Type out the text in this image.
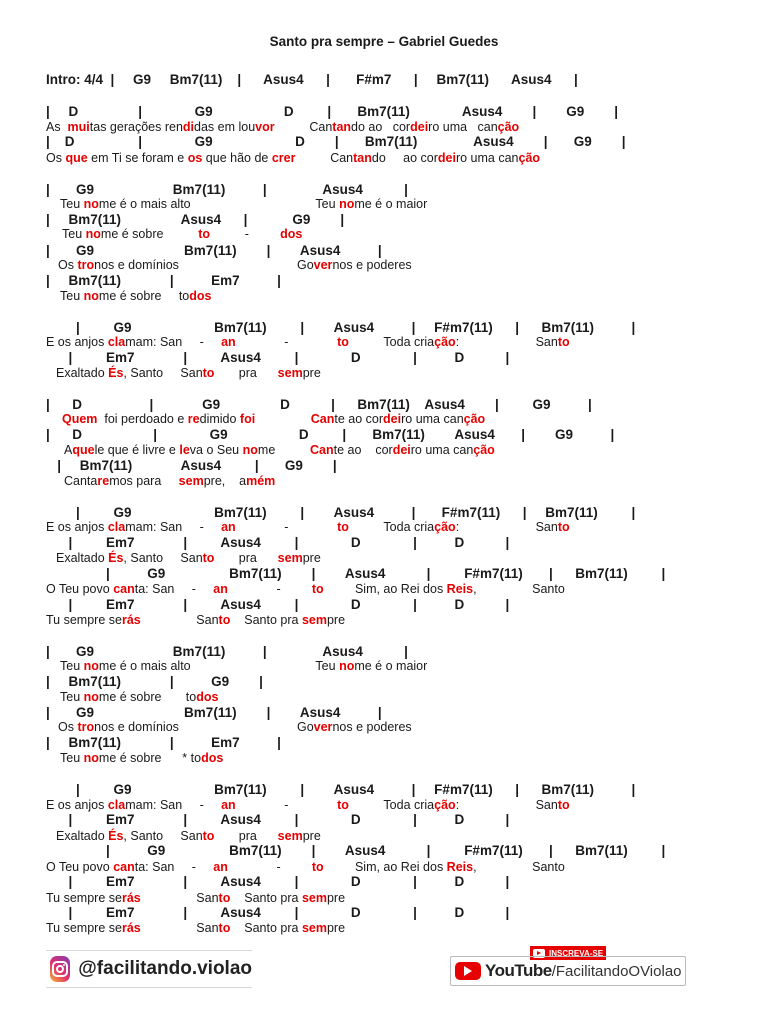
Santo pra sempre – Gabriel Guedes
Intro: 4/4  |     G9     Bm7(11)    |      Asus4      |       F#m7      |     Bm7(11)      Asus4      |
|     D                |              G9                   D         |       Bm7(11)              Asus4        |        G9        |
As  muitas gerações rendidas em louvor          Cantando ao   cordeiro uma   canção
|    D                 |              G9                      D        |       Bm7(11)               Asus4        |       G9        |
Os que em Ti se foram e os que hão de crer          Cantando     ao cordeiro uma canção
|       G9                     Bm7(11)          |               Asus4           |
Teu nome é o mais alto                                    Teu nome é o maior
|     Bm7(11)                Asus4      |            G9        |
Teu nome é sobre          to          -         dos
|       G9                        Bm7(11)        |        Asus4          |
Os tronos e domínios                                  Governos e poderes
|     Bm7(11)             |          Em7          |
Teu nome é sobre     todos
|         G9                      Bm7(11)         |        Asus4          |     F#m7(11)      |      Bm7(11)          |
E os anjos clamam: San     -     an              -              to          Toda criação:                      Santo
|         Em7             |         Asus4         |              D              |          D           |
Exaltado És, Santo     Santo       pra      sempre
|      D                  |             G9                D           |      Bm7(11)    Asus4        |         G9          |
Quem  foi perdoado e redimido foi	Cante ao cordeiro uma canção
|      D                   |              G9                   D         |       Bm7(11)        Asus4       |        G9          |
Aquele que é livre e leva o Seu nome          Cante ao    cordeiro uma canção
|     Bm7(11)             Asus4         |       G9        |
Cantaremos para     sempre,    amém
|         G9                      Bm7(11)         |        Asus4          |       F#m7(11)      |     Bm7(11)         |
E os anjos clamam: San     -     an              -              to          Toda criação:                      Santo
|         Em7             |         Asus4         |              D              |          D           |
Exaltado És, Santo     Santo       pra      sempre
|          G9                 Bm7(11)        |        Asus4           |         F#m7(11)       |      Bm7(11)         |
O Teu povo canta: San     -     an              -         to         Sim, ao Rei dos Reis,                Santo
|         Em7             |         Asus4         |              D              |          D           |
Tu sempre serás                Santo    Santo pra sempre
|       G9                     Bm7(11)          |               Asus4           |
Teu nome é o mais alto                                    Teu nome é o maior
|     Bm7(11)             |          G9        |
Teu nome é sobre       todos
|       G9                        Bm7(11)        |        Asus4          |
Os tronos e domínios                                  Governos e poderes
|     Bm7(11)             |          Em7          |
Teu nome é sobre      * todos
|         G9                      Bm7(11)         |        Asus4          |     F#m7(11)      |      Bm7(11)          |
E os anjos clamam: San     -     an              -              to          Toda criação:                      Santo
|         Em7             |         Asus4         |              D              |          D           |
Exaltado És, Santo     Santo       pra      sempre
|          G9                 Bm7(11)        |        Asus4           |         F#m7(11)       |      Bm7(11)         |
O Teu povo canta: San     -     an              -         to         Sim, ao Rei dos Reis,                Santo
|         Em7             |         Asus4         |              D              |          D           |
Tu sempre serás                Santo    Santo pra sempre
|         Em7             |         Asus4         |              D              |          D           |
Tu sempre serás                Santo    Santo pra sempre
@facilitando.violao
INSCREVA-SE
YouTube /FacilitandoOViolao
